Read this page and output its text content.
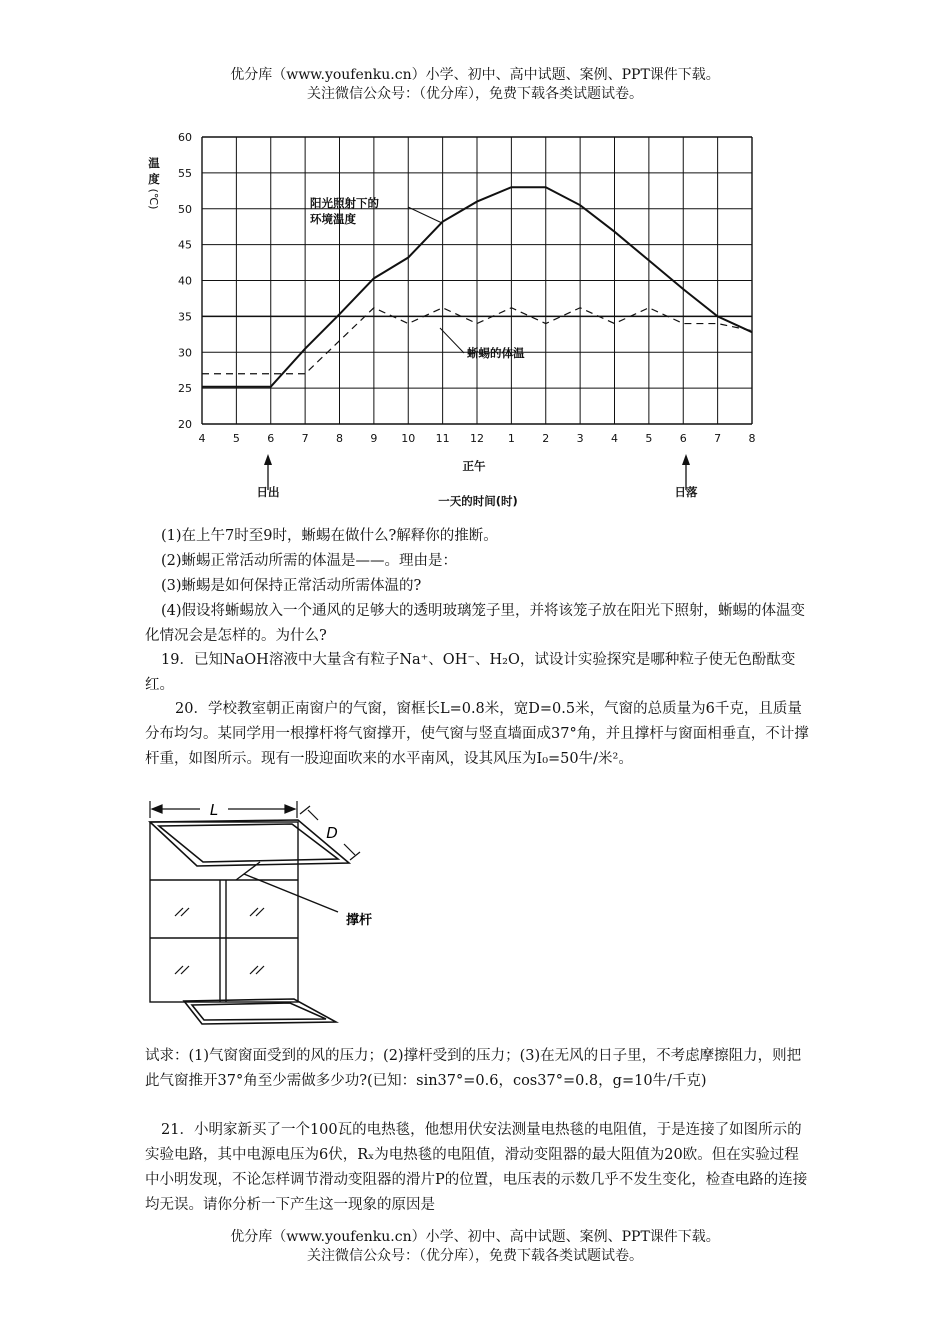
优分库（www.youfenku.cn）小学、初中、高中试题、案例、PPT课件下载。
关注微信公众号：（优分库），免费下载各类试题试卷。
20
25
30
35
40
45
50
55
60
4 5 6 7 8 9 10 11 12 1 2 3 4 5 6 7 8
温
度
(℃)	阳光照射下的
环境温度
蜥蜴的体温
正午
日出	日落
一天的时间(时)
(1)在上午7时至9时，蜥蜴在做什么?解释你的推断。
(2)蜥蜴正常活动所需的体温是——。理由是：
(3)蜥蜴是如何保持正常活动所需体温的?
(4)假设将蜥蜴放入一个通风的足够大的透明玻璃笼子里，并将该笼子放在阳光下照射，蜥蜴的体温变化情况会是怎样的。为什么?
19．已知NaOH溶液中大量含有粒子Na⁺、OH⁻、H₂O，试设计实验探究是哪种粒子使无色酚酞变红。
20．学校教室朝正南窗户的气窗，窗框长L=0.8米，宽D=0.5米，气窗的总质量为6千克，且质量分布均匀。某同学用一根撑杆将气窗撑开，使气窗与竖直墙面成37°角，并且撑杆与窗面相垂直，不计撑杆重，如图所示。现有一股迎面吹来的水平南风，设其风压为I₀=50牛/米²。
L
D
撑杆
试求：(1)气窗窗面受到的风的压力；(2)撑杆受到的压力；(3)在无风的日子里，不考虑摩擦阻力，则把此气窗推开37°角至少需做多少功?(已知：sin37°=0.6，cos37°=0.8，g=10牛/千克)
21．小明家新买了一个100瓦的电热毯，他想用伏安法测量电热毯的电阻值，于是连接了如图所示的实验电路，其中电源电压为6伏，Rₓ为电热毯的电阻值，滑动变阻器的最大阻值为20欧。但在实验过程中小明发现，不论怎样调节滑动变阻器的滑片P的位置，电压表的示数几乎不发生变化，检查电路的连接均无误。请你分析一下产生这一现象的原因是
优分库（www.youfenku.cn）小学、初中、高中试题、案例、PPT课件下载。
关注微信公众号：（优分库），免费下载各类试题试卷。
